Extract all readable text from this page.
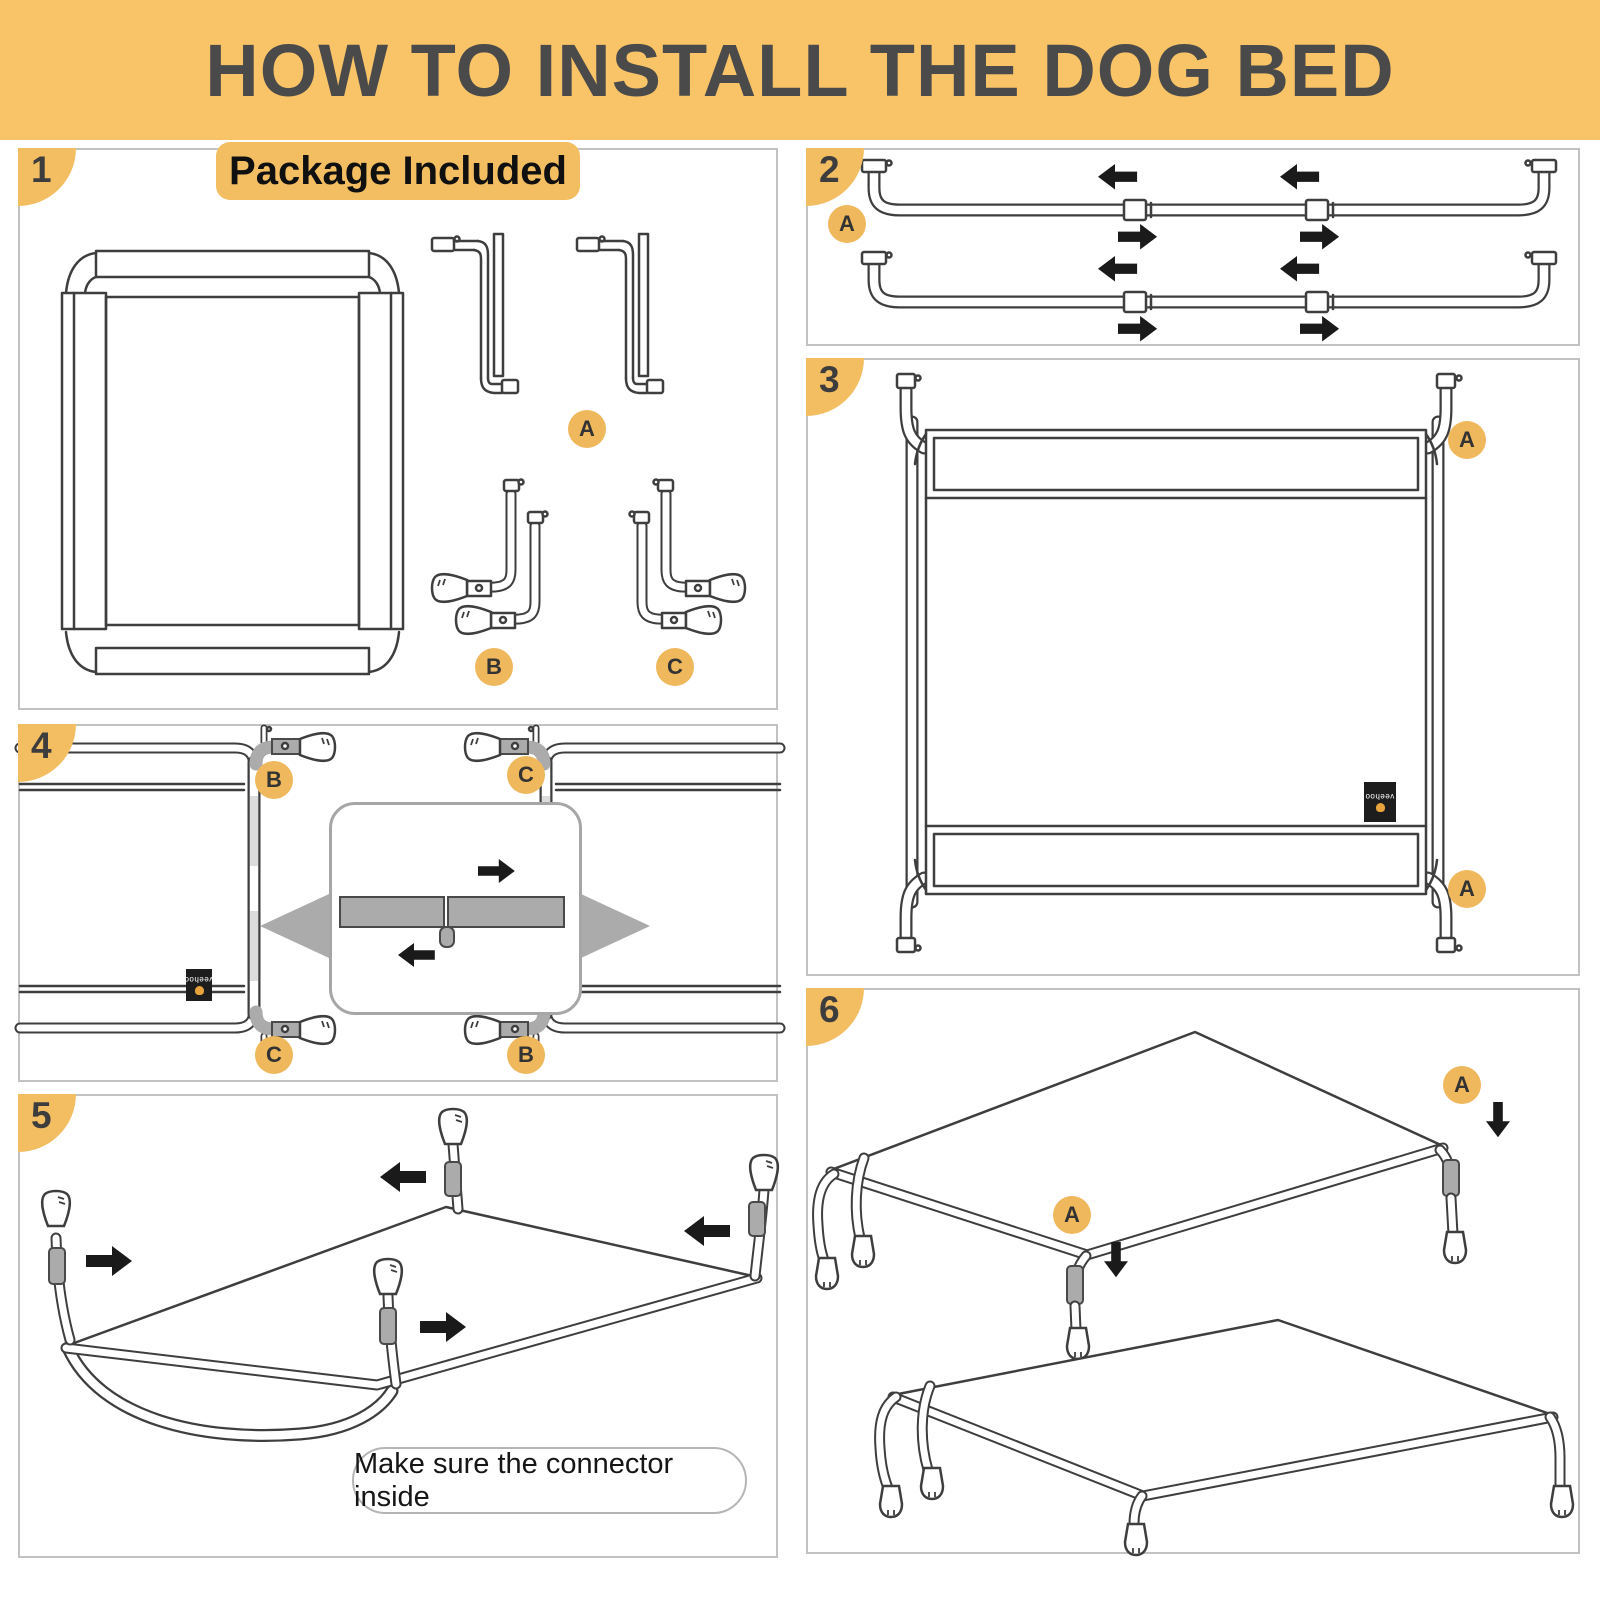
HOW TO INSTALL THE DOG BED
1	Package Included
A
B	C
2
A
3
A
A
veehoo
4
B	C
C	B
veehoo
5
Make sure the connector inside
6
A
A
